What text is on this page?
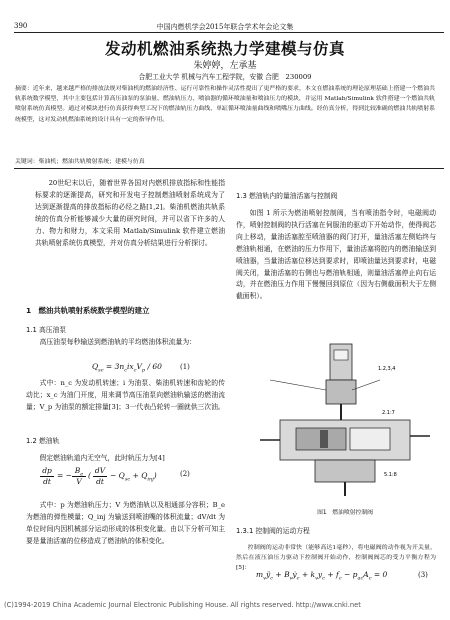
390	中国内燃机学会2015年联合学术年会论文集
发动机燃油系统热力学建模与仿真
朱婷婷，左承基
合肥工业大学 机械与汽车工程学院，安徽 合肥　230009
摘要：近年来，越来越严格的排放法规对柴油机的燃油经济性、运行可靠性和操作灵活性提出了更严格的要求，本文在燃油系统的理论原理基础上搭建一个燃油共轨系统数学模型，其中主要包括计算高压油泵的泵油量、燃油轨压力、喷油器的循环喷油量和喷油压力的模块，并运用 Matlab/Simulink 软件搭建一个燃油共轨喷射系统仿真模型。通过对模块进行仿真获得典型工况下的燃油轨压力曲线、单缸循环喷油量曲线和喷嘴压力曲线。经仿真分析，得到比较准确的燃油共轨喷射系统模型，这对发动机燃油系统的设计具有一定的指导作用。
关键词：柴油机；燃油共轨喷射系统；建模与仿真
20世纪末以后，随着世界各国对内燃机排放指标和性能指标要求的逐渐提高，研究和开发电子控制燃油喷射系统成为了达到逐渐提高的排放指标的必经之路[1,2]。柴油机燃油共轨系统的仿真分析能够减少大量的研究时间，并可以省下许多的人力、物力和财力，本文采用 Matlab/Simulink 软件建立燃油共轨喷射系统仿真模型，并对仿真分析结果进行分析探讨。
1　燃油共轨喷射系统数学模型的建立
1.1 高压油泵
高压油泵每秒输送到燃油轨的平均燃油体积流量为：
$Q_{sc} = 3n_cix_cV_p / 60$	(1)
式中：n_c 为发动机转速；i 为油泵、柴油机转速和齿轮的传动比；x_c 为油门开度，用来调节高压油泵向燃油轨输送的燃油流量；V_p 为油泵的额定排量[3]；3一代表凸轮转一圈就供三次油。
1.2 燃油轨
假定燃油轨道内无空气，此时轨压力为[4]
dp
dt
= −
$B_e$
V
(
dV
dt
− $Q_{sc} + Q_{inj}$)	(2)
式中：p 为燃油轨压力；V 为燃油轨以及相通部分容积；B_e 为燃油的弹性模量；Q_inj 为输送到喷油嘴的体积流量；dV/dt 为单位时间内因机械部分运动形成的体积变化量。由以下分析可知主要是量油活塞的位移造成了燃油轨的体积变化。
1.3 燃油轨内的量油活塞与控制阀
如图 1 所示为燃油喷射控制阀，当有喷油指令时，电磁阀动作，喷射控制阀的执行活塞在伺服油的驱动下开始动作，使得阀芯向上移动，量油活塞腔至喷油器的阀门打开，量油活塞左侧始终与燃油轨相通，在燃油的压力作用下，量油活塞将腔内的燃油输送到喷油器，当量油活塞位移达到要求时，即喷油量达到要求时，电磁阀关闭，量油活塞的右侧也与燃油轨相通，则量油活塞停止向右运动，并在燃油压力作用下慢慢回到原位（因为右侧截面积大于左侧截面积）。
1.2,3,4
2.1:7
5.1:8
图1　燃油喷射控制阀
1.3.1 控制阀的运动方程
控制阀的运动非常快（能够高达1毫秒），将电磁阀的动作视为开关量，然后在液压油压力驱动下控制阀开始动作，控制阀阀芯的受力平衡方程为[5]：
$m_vÿ_c$ + $B_vẏ_c + k_vy_c + f_c - p_{ac}A_c = 0$	(3)
(C)1994-2019 China Academic Journal Electronic Publishing House. All rights reserved. http://www.cnki.net
